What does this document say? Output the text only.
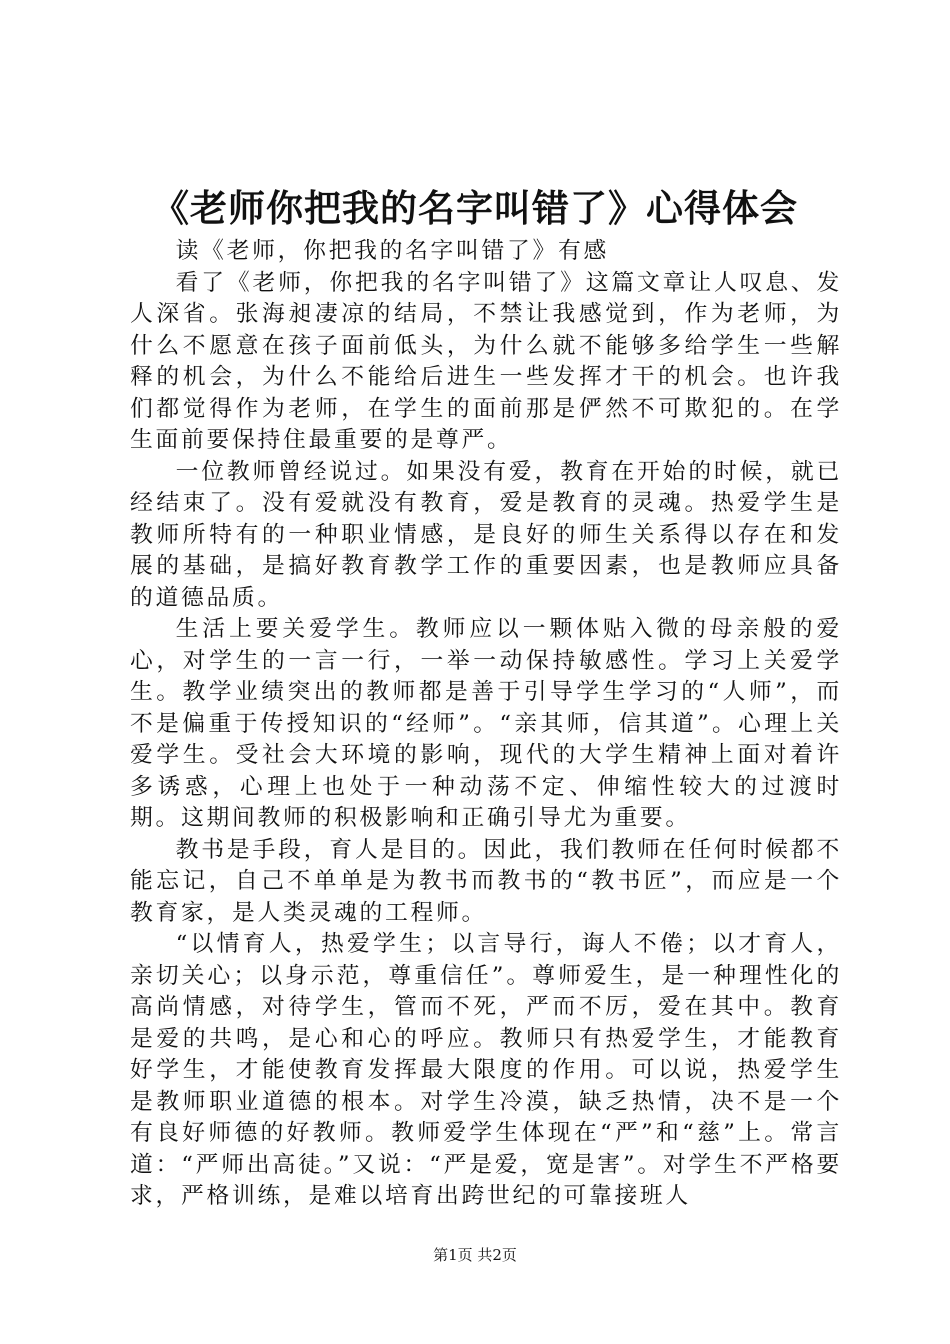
《老师你把我的名字叫错了》心得体会

读《老师，你把我的名字叫错了》有感

看了《老师，你把我的名字叫错了》这篇文章让人叹息、发人深省。张海昶凄凉的结局，不禁让我感觉到，作为老师，为什么不愿意在孩子面前低头，为什么就不能够多给学生一些解释的机会，为什么不能给后进生一些发挥才干的机会。也许我们都觉得作为老师，在学生的面前那是俨然不可欺犯的。在学生面前要保持住最重要的是尊严。

一位教师曾经说过。如果没有爱，教育在开始的时候，就已经结束了。没有爱就没有教育，爱是教育的灵魂。热爱学生是教师所特有的一种职业情感，是良好的师生关系得以存在和发展的基础，是搞好教育教学工作的重要因素，也是教师应具备的道德品质。

生活上要关爱学生。教师应以一颗体贴入微的母亲般的爱心，对学生的一言一行，一举一动保持敏感性。学习上关爱学生。教学业绩突出的教师都是善于引导学生学习的“人师”，而不是偏重于传授知识的“经师”。“亲其师，信其道”。心理上关爱学生。受社会大环境的影响，现代的大学生精神上面对着许多诱惑，心理上也处于一种动荡不定、伸缩性较大的过渡时期。这期间教师的积极影响和正确引导尤为重要。

教书是手段，育人是目的。因此，我们教师在任何时候都不能忘记，自己不单单是为教书而教书的“教书匠”，而应是一个教育家，是人类灵魂的工程师。

“以情育人，热爱学生；以言导行，诲人不倦；以才育人，亲切关心；以身示范，尊重信任”。尊师爱生，是一种理性化的高尚情感，对待学生，管而不死，严而不厉，爱在其中。教育是爱的共鸣，是心和心的呼应。教师只有热爱学生，才能教育好学生，才能使教育发挥最大限度的作用。可以说，热爱学生是教师职业道德的根本。对学生冷漠，缺乏热情，决不是一个有良好师德的好教师。教师爱学生体现在“严”和“慈”上。常言道：“严师出高徒。”又说：“严是爱，宽是害”。对学生不严格要求，严格训练，是难以培育出跨世纪的可靠接班人

第1页 共2页
